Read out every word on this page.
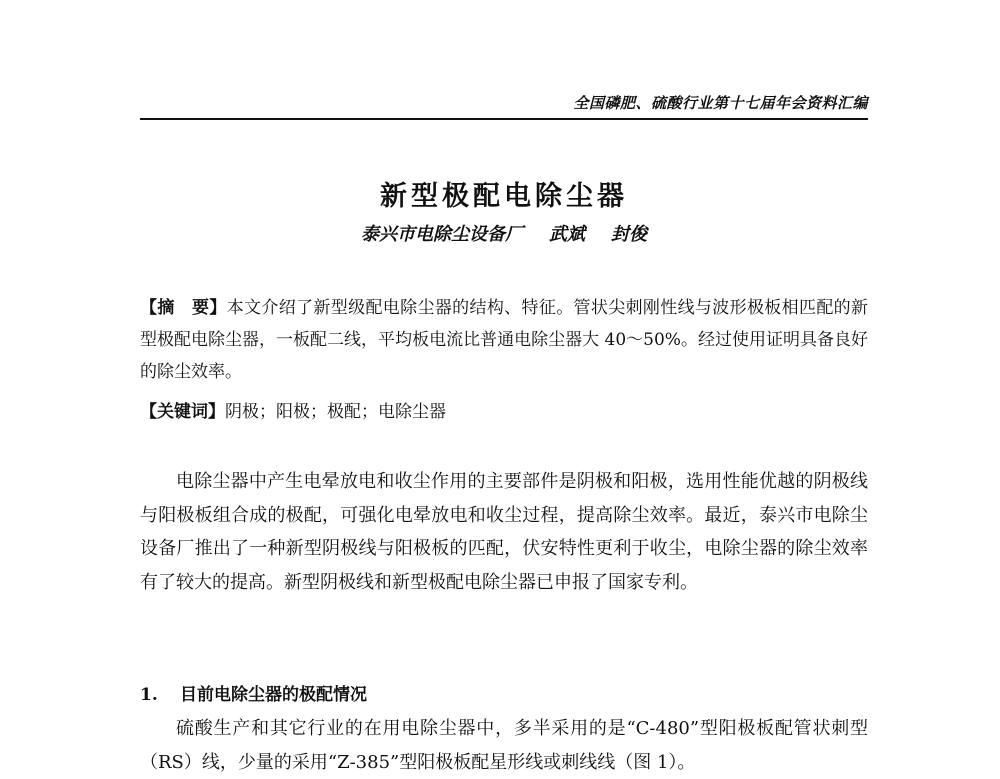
全国磷肥、硫酸行业第十七届年会资料汇编
新型极配电除尘器
泰兴市电除尘设备厂 武斌 封俊
【摘　要】本文介绍了新型级配电除尘器的结构、特征。管状尖刺刚性线与波形极板相匹配的新型极配电除尘器，一板配二线，平均板电流比普通电除尘器大 40～50%。经过使用证明具备良好的除尘效率。
【关键词】阴极；阳极；极配；电除尘器
电除尘器中产生电晕放电和收尘作用的主要部件是阴极和阳极，选用性能优越的阴极线与阳极板组合成的极配，可强化电晕放电和收尘过程，提高除尘效率。最近，泰兴市电除尘设备厂推出了一种新型阴极线与阳极板的匹配，伏安特性更利于收尘，电除尘器的除尘效率有了较大的提高。新型阴极线和新型极配电除尘器已申报了国家专利。
1. 目前电除尘器的极配情况
硫酸生产和其它行业的在用电除尘器中，多半采用的是“C-480”型阳极板配管状刺型（RS）线，少量的采用“Z-385”型阳极板配星形线或刺线线（图 1）。
